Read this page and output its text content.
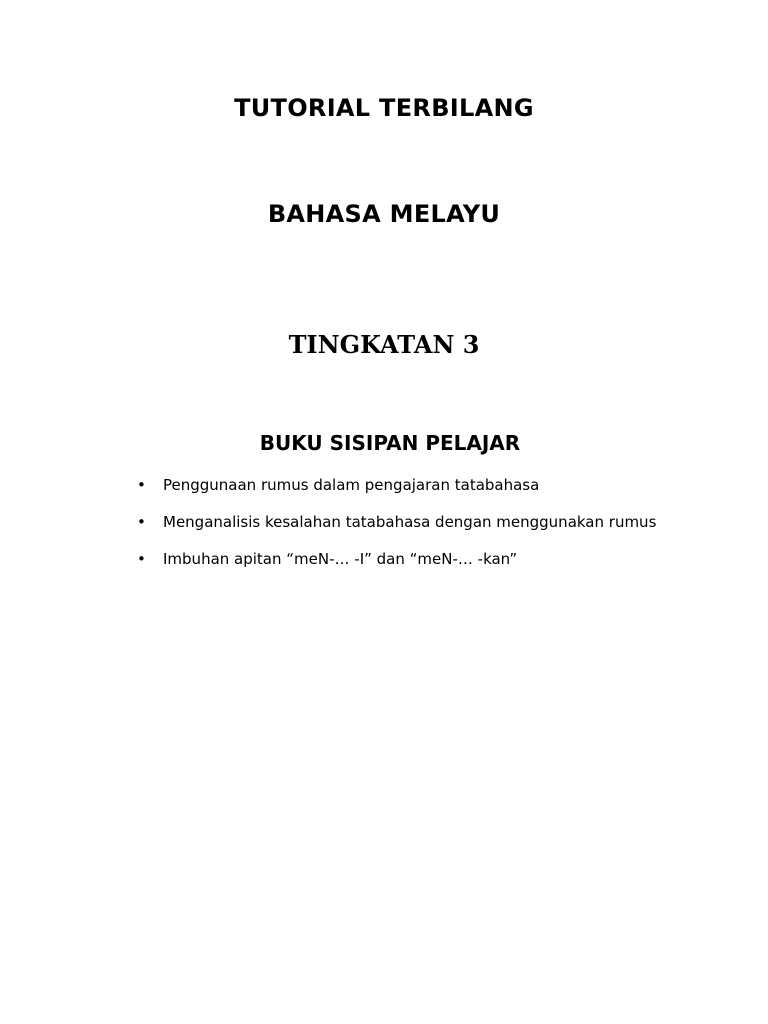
TUTORIAL TERBILANG
BAHASA MELAYU
TINGKATAN 3
BUKU SISIPAN PELAJAR
• Penggunaan rumus dalam pengajaran tatabahasa
• Menganalisis kesalahan tatabahasa dengan menggunakan rumus
• Imbuhan apitan “meN-… -I” dan “meN-… -kan”
